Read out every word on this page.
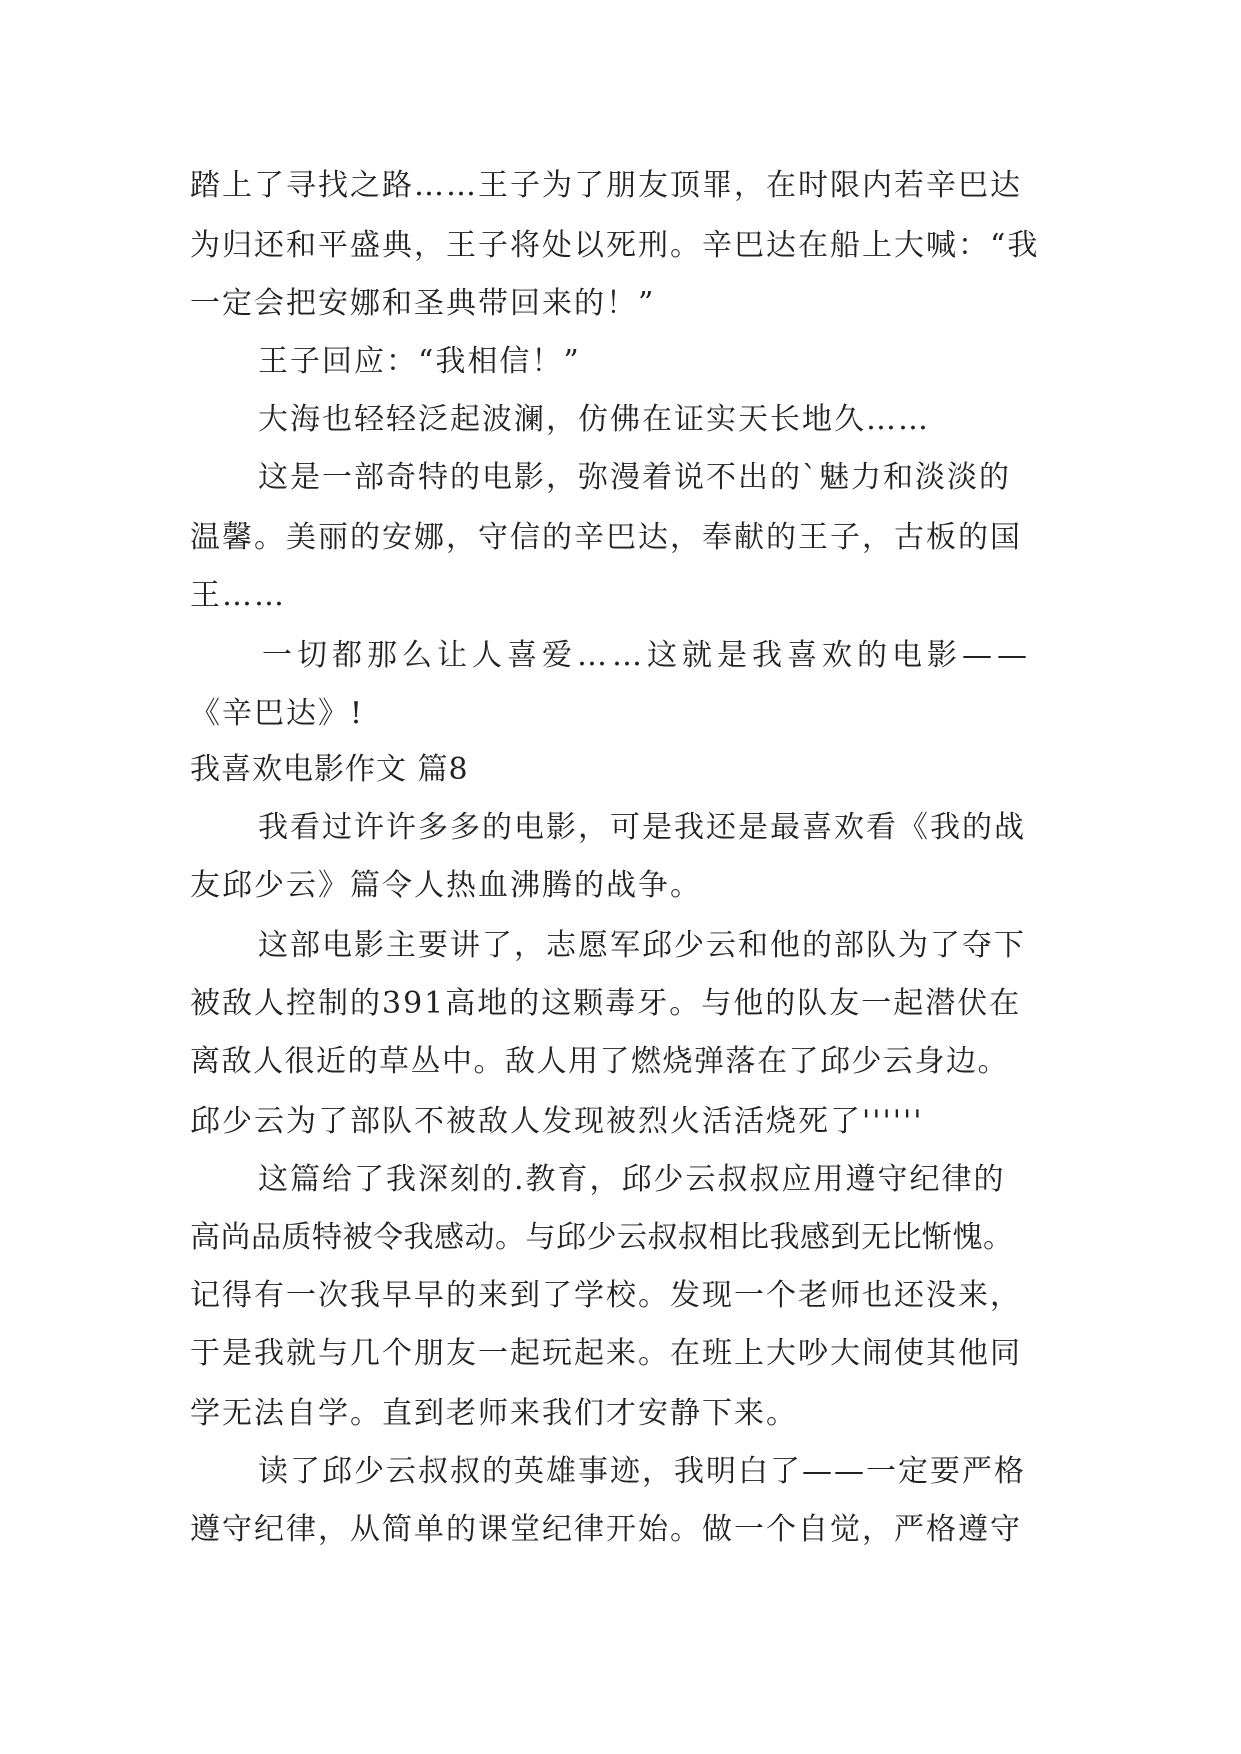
踏上了寻找之路……王子为了朋友顶罪，在时限内若辛巴达
为归还和平盛典，王子将处以死刑。辛巴达在船上大喊：“我
一定会把安娜和圣典带回来的！”
王子回应：“我相信！”
大海也轻轻泛起波澜，仿佛在证实天长地久……
这是一部奇特的电影，弥漫着说不出的`魅力和淡淡的
温馨。美丽的安娜，守信的辛巴达，奉献的王子，古板的国
王……
一切都那么让人喜爱……这就是我喜欢的电影——
《辛巴达》!
我喜欢电影作文 篇8
我看过许许多多的电影，可是我还是最喜欢看《我的战
友邱少云》篇令人热血沸腾的战争。
这部电影主要讲了，志愿军邱少云和他的部队为了夺下
被敌人控制的391高地的这颗毒牙。与他的队友一起潜伏在
离敌人很近的草丛中。敌人用了燃烧弹落在了邱少云身边。
邱少云为了部队不被敌人发现被烈火活活烧死了''''''
这篇给了我深刻的.教育，邱少云叔叔应用遵守纪律的
高尚品质特被令我感动。与邱少云叔叔相比我感到无比惭愧。
记得有一次我早早的来到了学校。发现一个老师也还没来，
于是我就与几个朋友一起玩起来。在班上大吵大闹使其他同
学无法自学。直到老师来我们才安静下来。
读了邱少云叔叔的英雄事迹，我明白了——一定要严格
遵守纪律，从简单的课堂纪律开始。做一个自觉，严格遵守
